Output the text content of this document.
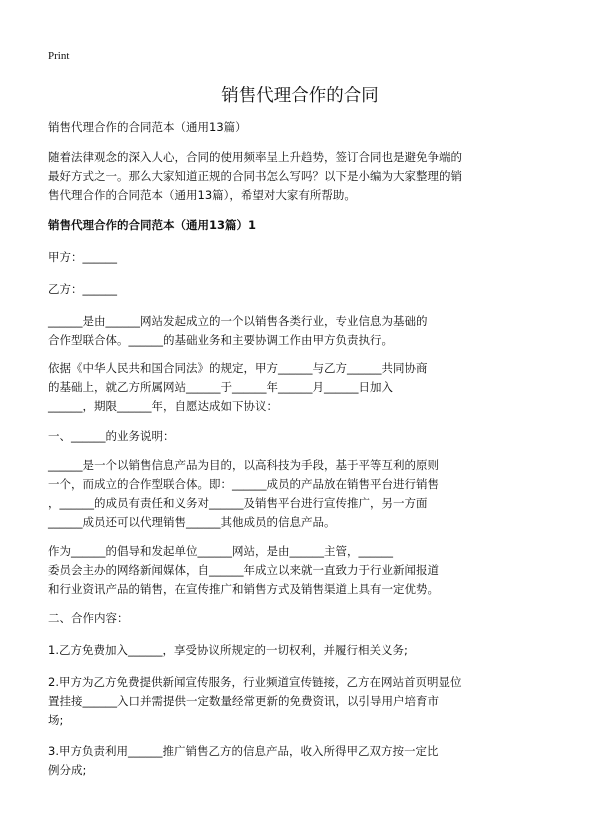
Print
销售代理合作的合同
销售代理合作的合同范本（通用13篇）
随着法律观念的深入人心，合同的使用频率呈上升趋势，签订合同也是避免争端的
最好方式之一。那么大家知道正规的合同书怎么写吗？以下是小编为大家整理的销
售代理合作的合同范本（通用13篇），希望对大家有所帮助。
销售代理合作的合同范本（通用13篇）1
甲方：______
乙方：______
______是由______网站发起成立的一个以销售各类行业，专业信息为基础的
合作型联合体。______的基础业务和主要协调工作由甲方负责执行。
依据《中华人民共和国合同法》的规定，甲方______与乙方______共同协商
的基础上，就乙方所属网站______于______年______月______日加入
______，期限______年，自愿达成如下协议：
一、______的业务说明：
______是一个以销售信息产品为目的，以高科技为手段，基于平等互利的原则
一个，而成立的合作型联合体。即：______成员的产品放在销售平台进行销售
，______的成员有责任和义务对______及销售平台进行宣传推广，另一方面
______成员还可以代理销售______其他成员的信息产品。
作为______的倡导和发起单位______网站，是由______主管，______
委员会主办的网络新闻媒体，自______年成立以来就一直致力于行业新闻报道
和行业资讯产品的销售，在宣传推广和销售方式及销售渠道上具有一定优势。
二、合作内容：
1.乙方免费加入______，享受协议所规定的一切权利，并履行相关义务;
2.甲方为乙方免费提供新闻宣传服务，行业频道宣传链接，乙方在网站首页明显位
置挂接______入口并需提供一定数量经常更新的免费资讯，以引导用户培育市
场;
3.甲方负责利用______推广销售乙方的信息产品，收入所得甲乙双方按一定比
例分成;
